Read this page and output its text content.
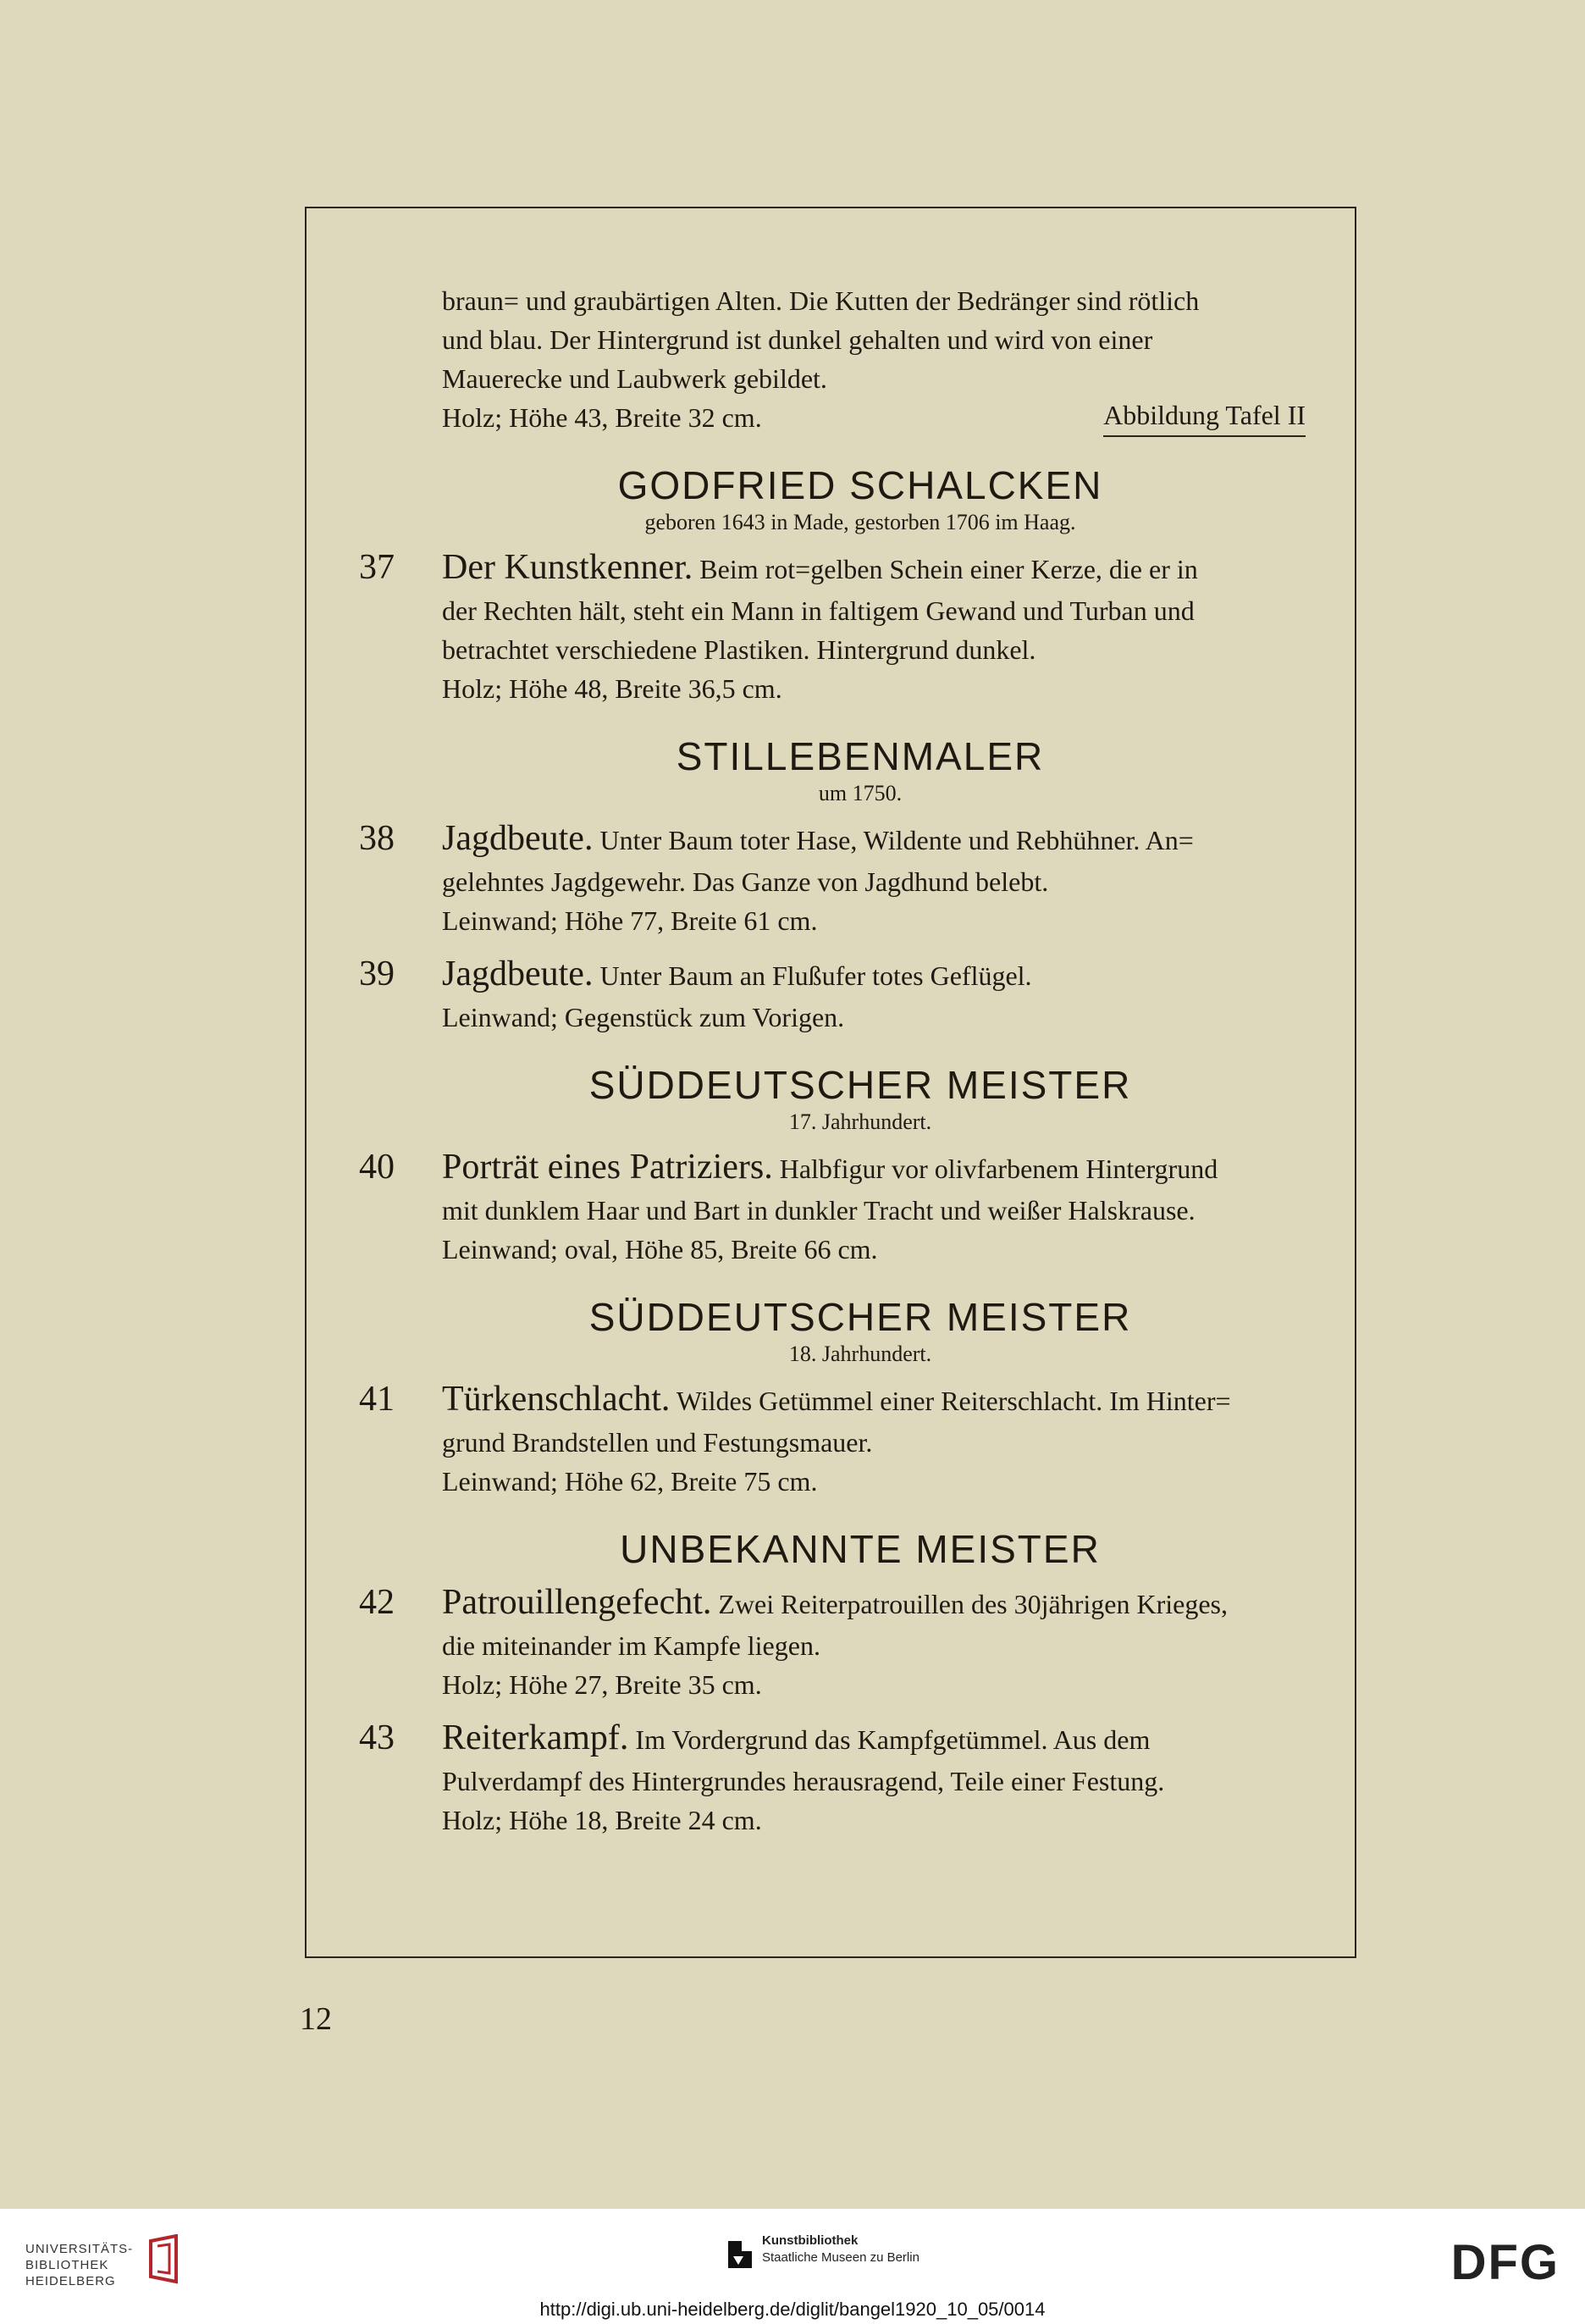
braun= und graubärtigen Alten. Die Kutten der Bedränger sind rötlich

und blau. Der Hintergrund ist dunkel gehalten und wird von einer

Mauerecke und Laubwerk gebildet.

Holz; Höhe 43, Breite 32 cm.	Abbildung Tafel II
GODFRIED SCHALCKEN
geboren 1643 in Made, gestorben 1706 im Haag.
37 Der Kunstkenner. Beim rot=gelben Schein einer Kerze, die er in

der Rechten hält, steht ein Mann in faltigem Gewand und Turban und

betrachtet verschiedene Plastiken. Hintergrund dunkel.

Holz; Höhe 48, Breite 36,5 cm.

STILLEBENMALER
um 1750.
38 Jagdbeute. Unter Baum toter Hase, Wildente und Rebhühner. An=

gelehntes Jagdgewehr. Das Ganze von Jagdhund belebt.

Leinwand; Höhe 77, Breite 61 cm.

39 Jagdbeute. Unter Baum an Flußufer totes Geflügel.

Leinwand; Gegenstück zum Vorigen.

SÜDDEUTSCHER MEISTER
17. Jahrhundert.
40 Porträt eines Patriziers. Halbfigur vor olivfarbenem Hintergrund

mit dunklem Haar und Bart in dunkler Tracht und weißer Halskrause.

Leinwand; oval, Höhe 85, Breite 66 cm.

SÜDDEUTSCHER MEISTER
18. Jahrhundert.
41 Türkenschlacht. Wildes Getümmel einer Reiterschlacht. Im Hinter=

grund Brandstellen und Festungsmauer.

Leinwand; Höhe 62, Breite 75 cm.

UNBEKANNTE MEISTER
42 Patrouillengefecht. Zwei Reiterpatrouillen des 30jährigen Krieges,

die miteinander im Kampfe liegen.

Holz; Höhe 27, Breite 35 cm.

43 Reiterkampf. Im Vordergrund das Kampfgetümmel. Aus dem

Pulverdampf des Hintergrundes herausragend, Teile einer Festung.

Holz; Höhe 18, Breite 24 cm.

12
UNIVERSITÄTS-
BIBLIOTHEK
HEIDELBERG
Kunstbibliothek
Staatliche Museen zu Berlin	DFG
http://digi.ub.uni-heidelberg.de/diglit/bangel1920_10_05/0014
